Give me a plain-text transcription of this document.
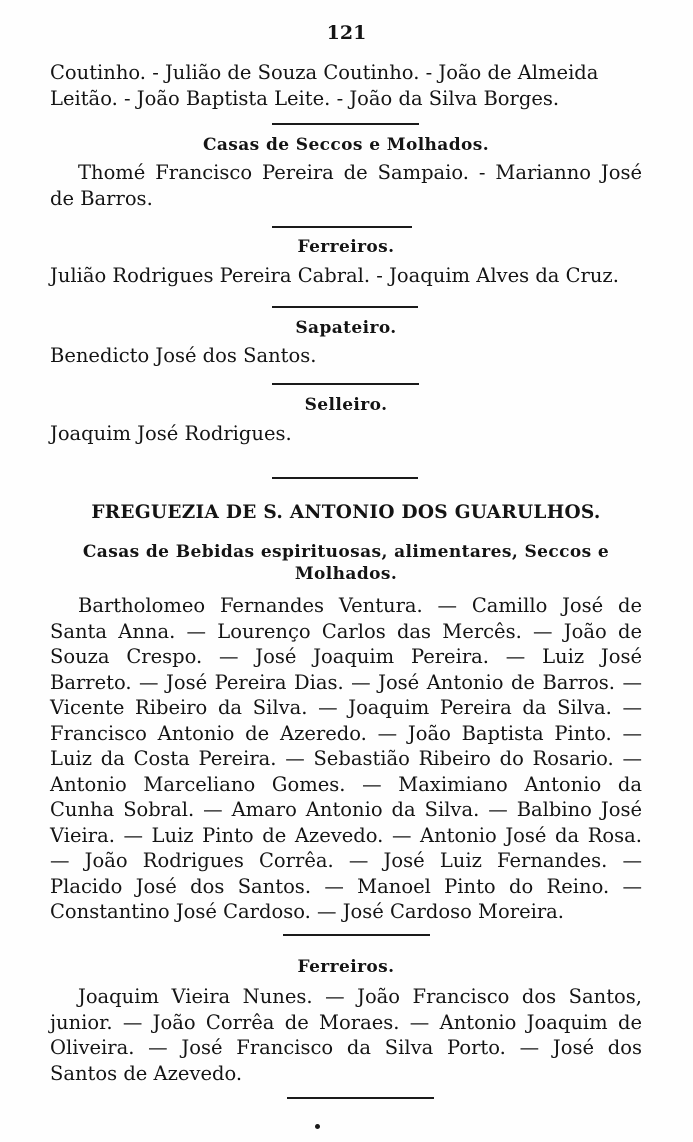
121

Coutinho. - Julião de Souza Coutinho. - João de Almeida

Leitão. - João Baptista Leite. - João da Silva Borges.

Casas de Seccos e Molhados.

Thomé Francisco Pereira de Sampaio. - Marianno José de Barros.

Ferreiros.

Julião Rodrigues Pereira Cabral. - Joaquim Alves da Cruz.

Sapateiro.

Benedicto José dos Santos.

Selleiro.

Joaquim José Rodrigues.

FREGUEZIA DE S. ANTONIO DOS GUARULHOS.
Casas de Bebidas espirituosas, alimentares, Seccos e Molhados.

Bartholomeo Fernandes Ventura. — Camillo José de Santa Anna. — Lourenço Carlos das Mercês. — João de Souza Crespo. — José Joaquim Pereira. — Luiz José Barreto. — José Pereira Dias. — José Antonio de Barros. — Vicente Ribeiro da Silva. — Joaquim Pereira da Silva. — Francisco Antonio de Azeredo. — João Baptista Pinto. — Luiz da Costa Pereira. — Sebastião Ribeiro do Rosario. — Antonio Marceliano Gomes. — Maximiano Antonio da Cunha Sobral. — Amaro Antonio da Silva. — Balbino José Vieira. — Luiz Pinto de Azevedo. — Antonio José da Rosa. — João Rodrigues Corrêa. — José Luiz Fernandes. — Placido José dos Santos. — Manoel Pinto do Reino. — Constantino José Cardoso. — José Cardoso Moreira.

Ferreiros.

Joaquim Vieira Nunes. — João Francisco dos Santos, junior. — João Corrêa de Moraes. — Antonio Joaquim de Oliveira. — José Francisco da Silva Porto. — José dos Santos de Azevedo.
